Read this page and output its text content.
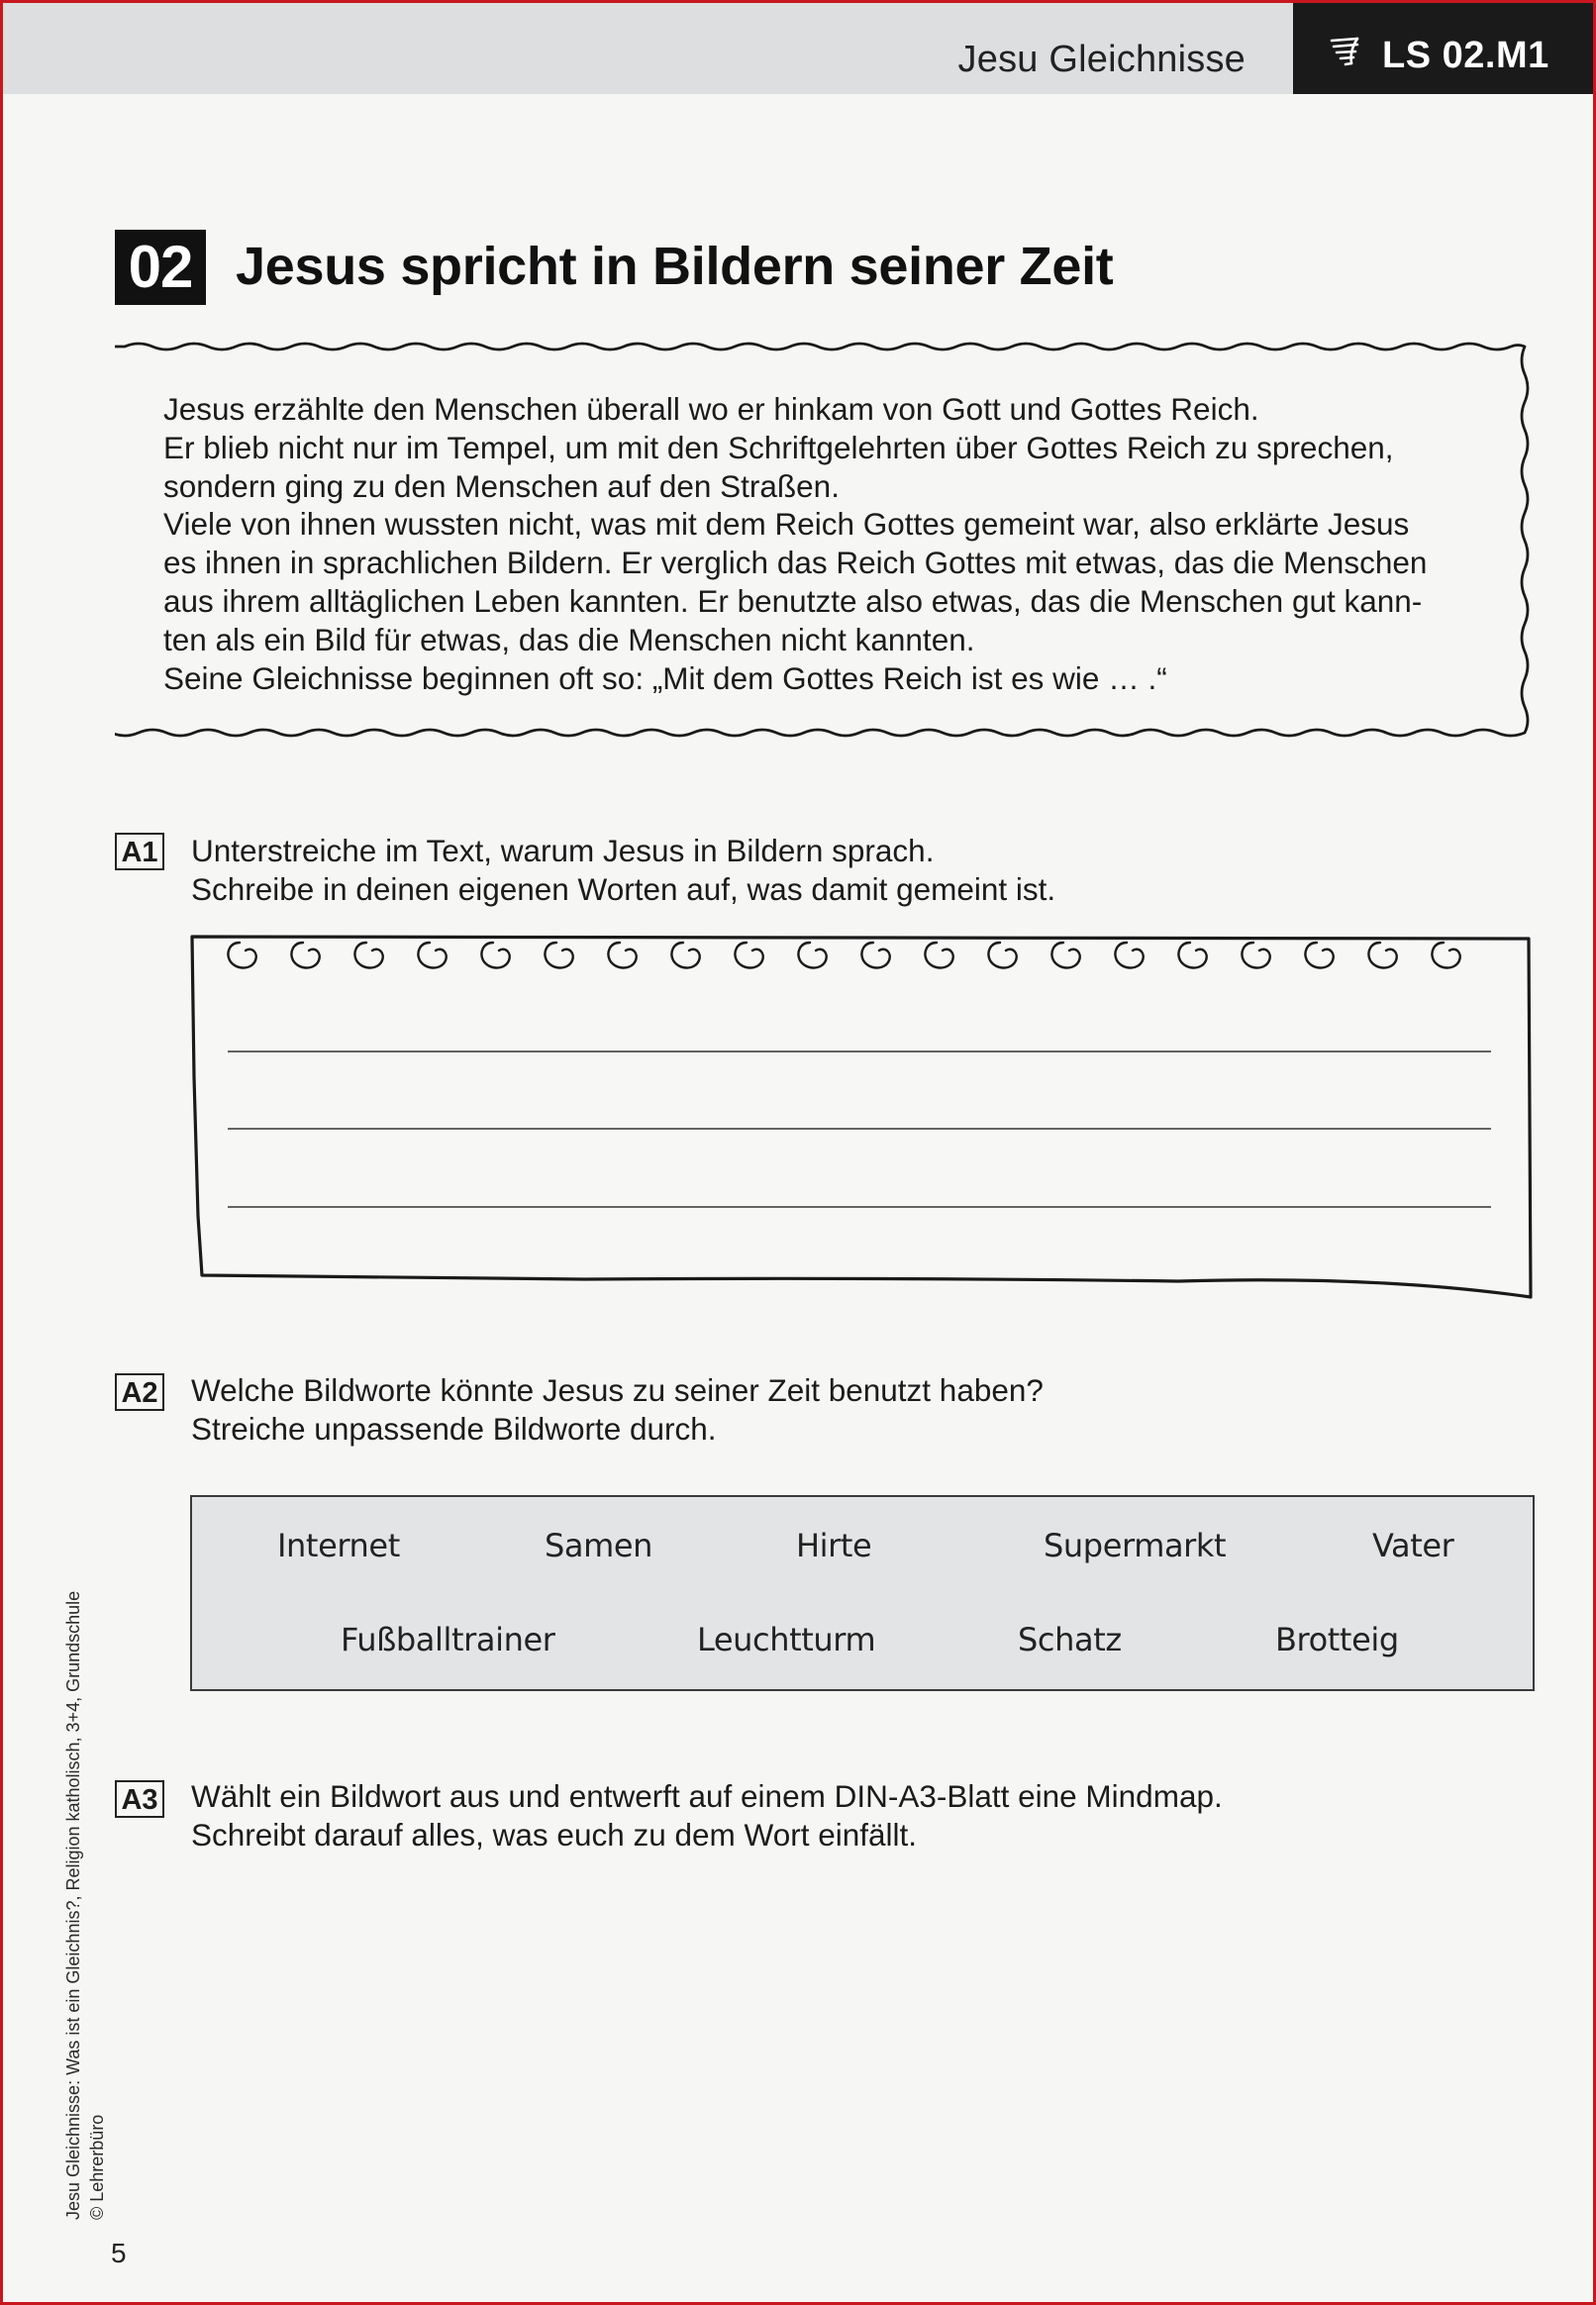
Jesu Gleichnisse	LS 02.M1
02 Jesus spricht in Bildern seiner Zeit
Jesus erzählte den Menschen überall wo er hinkam von Gott und Gottes Reich.
Er blieb nicht nur im Tempel, um mit den Schriftgelehrten über Gottes Reich zu sprechen,
sondern ging zu den Menschen auf den Straßen.
Viele von ihnen wussten nicht, was mit dem Reich Gottes gemeint war, also erklärte Jesus
es ihnen in sprachlichen Bildern. Er verglich das Reich Gottes mit etwas, das die Menschen
aus ihrem alltäglichen Leben kannten. Er benutzte also etwas, das die Menschen gut kann-
ten als ein Bild für etwas, das die Menschen nicht kannten.
Seine Gleichnisse beginnen oft so: „Mit dem Gottes Reich ist es wie … .“
A1 Unterstreiche im Text, warum Jesus in Bildern sprach.
Schreibe in deinen eigenen Worten auf, was damit gemeint ist.
A2 Welche Bildworte könnte Jesus zu seiner Zeit benutzt haben?
Streiche unpassende Bildworte durch.
Internet	Samen	Hirte	Supermarkt	Vater
Fußballtrainer	Leuchtturm	Schatz	Brotteig
A3 Wählt ein Bildwort aus und entwerft auf einem DIN-A3-Blatt eine Mindmap.
Schreibt darauf alles, was euch zu dem Wort einfällt.
Jesu Gleichnisse: Was ist ein Gleichnis?, Religion katholisch, 3+4, Grundschule © Lehrerbüro
5
